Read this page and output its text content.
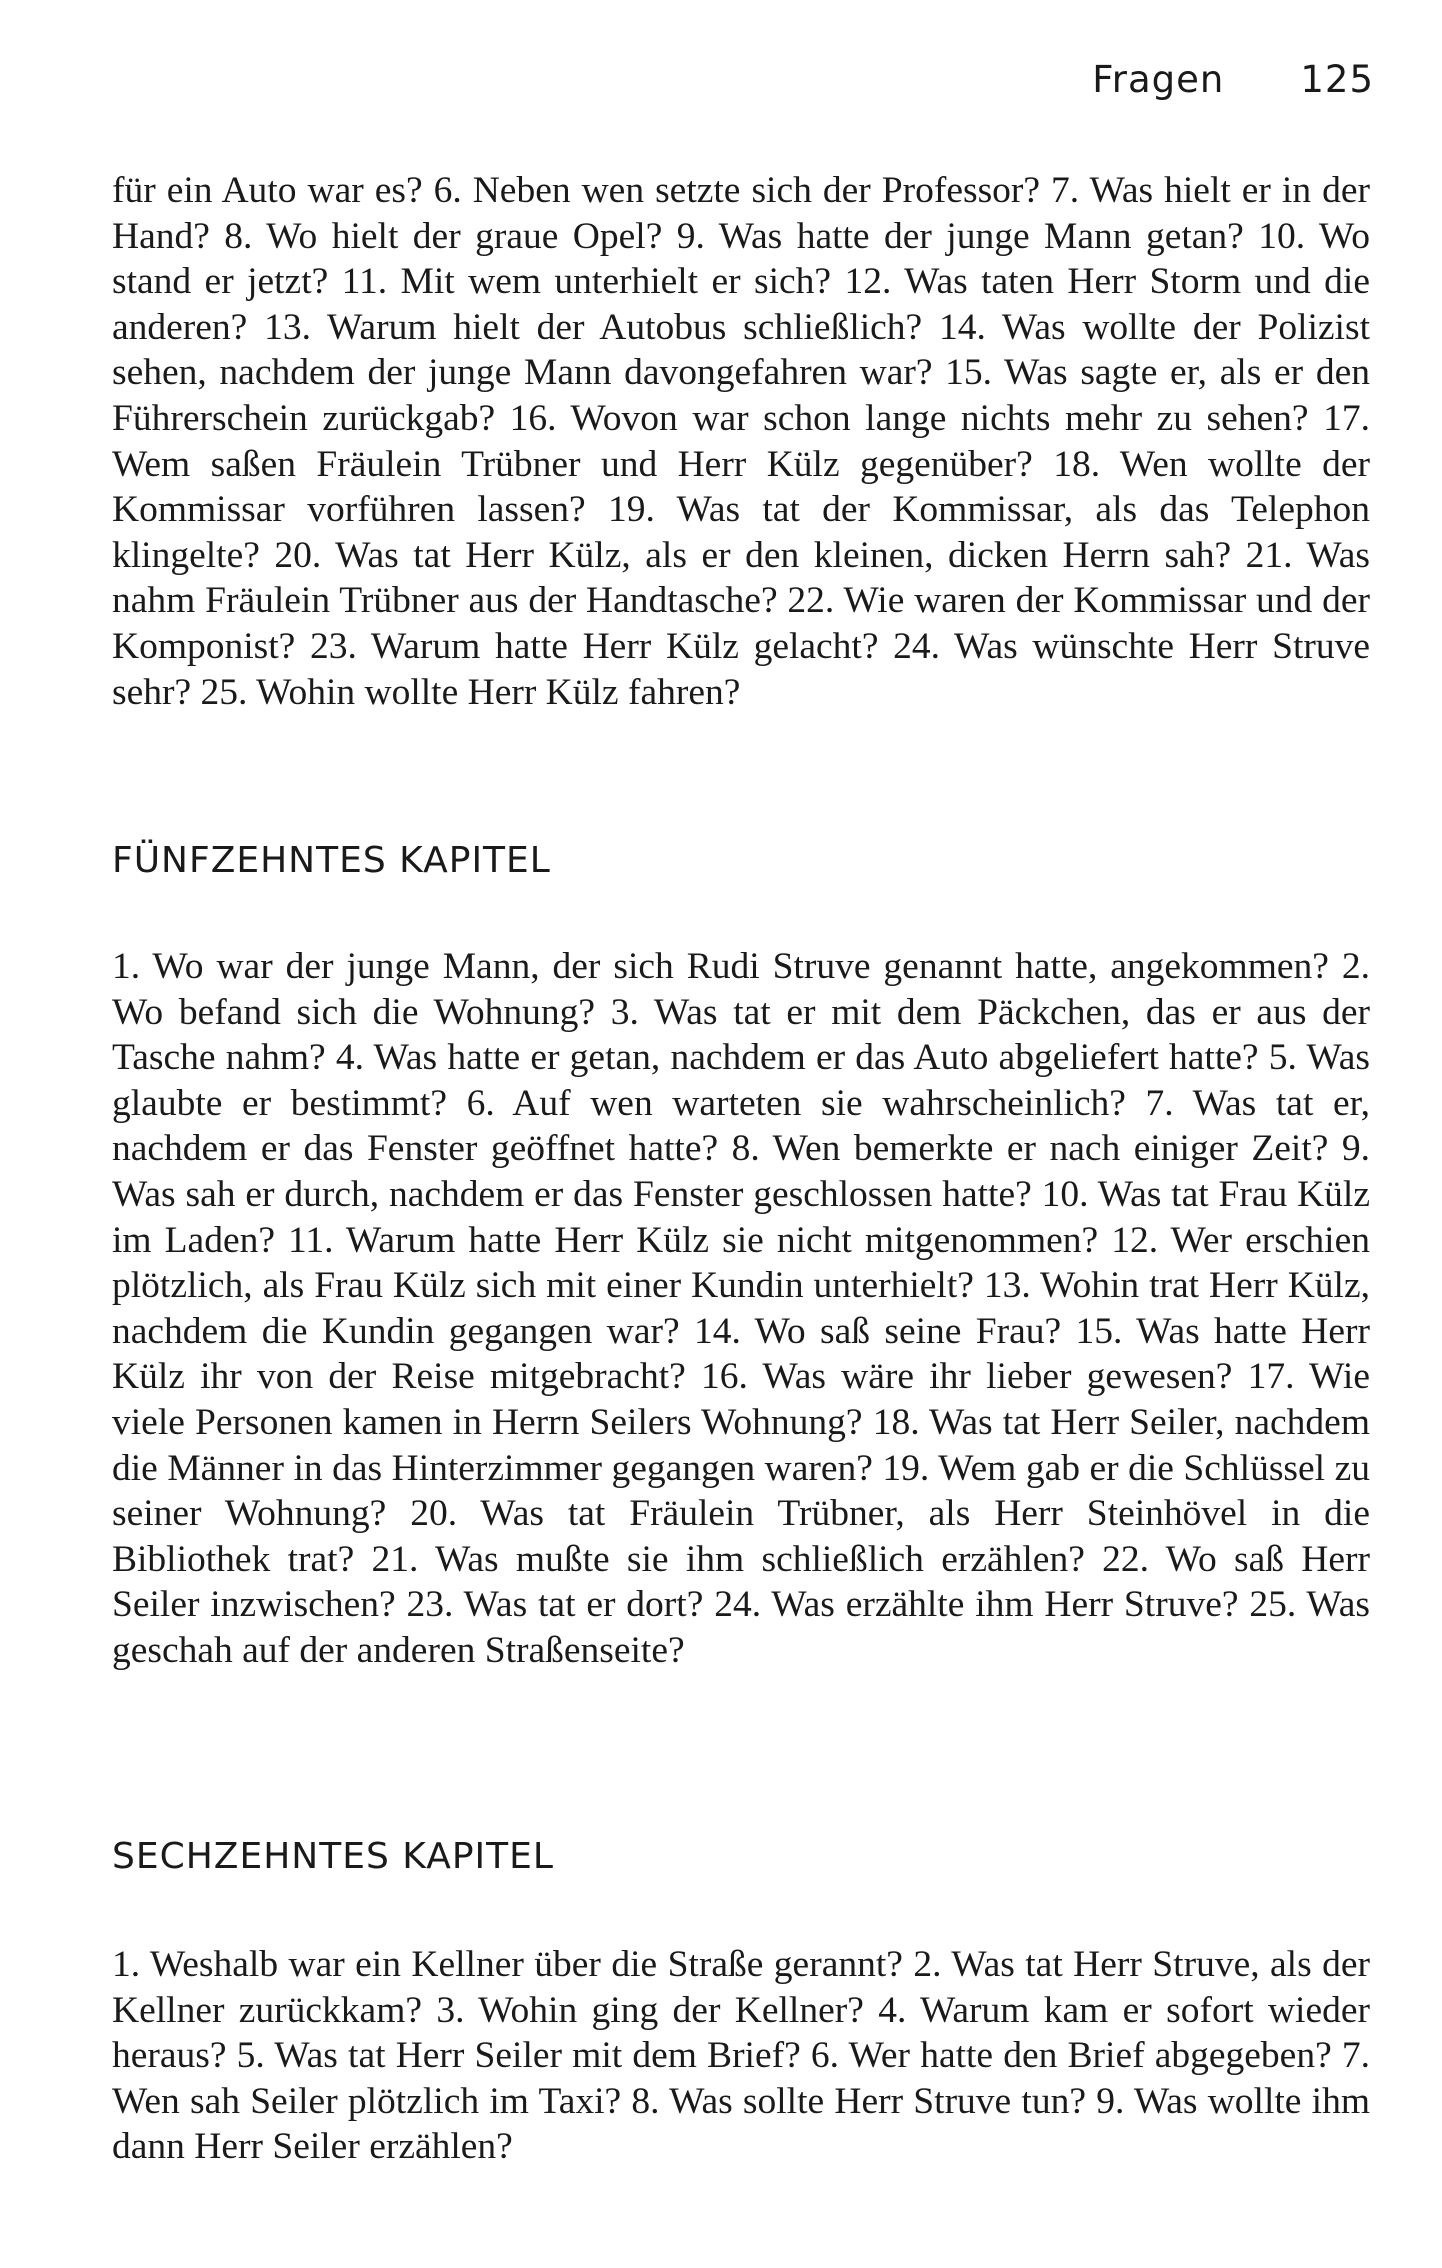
Fragen 125

für ein Auto war es? 6. Neben wen setzte sich der Professor? 7. Was hielt er in der Hand? 8. Wo hielt der graue Opel? 9. Was hatte der junge Mann getan? 10. Wo stand er jetzt? 11. Mit wem unterhielt er sich? 12. Was taten Herr Storm und die anderen? 13. Warum hielt der Autobus schließlich? 14. Was wollte der Polizist sehen, nachdem der junge Mann davongefahren war? 15. Was sagte er, als er den Führerschein zurückgab? 16. Wovon war schon lange nichts mehr zu sehen? 17. Wem saßen Fräulein Trübner und Herr Külz gegenüber? 18. Wen wollte der Kommissar vorführen lassen? 19. Was tat der Kommissar, als das Telephon klingelte? 20. Was tat Herr Külz, als er den kleinen, dicken Herrn sah? 21. Was nahm Fräulein Trübner aus der Handtasche? 22. Wie waren der Kommissar und der Komponist? 23. Warum hatte Herr Külz gelacht? 24. Was wünschte Herr Struve sehr? 25. Wohin wollte Herr Külz fahren?

FÜNFZEHNTES KAPITEL

1. Wo war der junge Mann, der sich Rudi Struve genannt hatte, angekommen? 2. Wo befand sich die Wohnung? 3. Was tat er mit dem Päckchen, das er aus der Tasche nahm? 4. Was hatte er getan, nachdem er das Auto abgeliefert hatte? 5. Was glaubte er bestimmt? 6. Auf wen warteten sie wahrscheinlich? 7. Was tat er, nachdem er das Fenster geöffnet hatte? 8. Wen bemerkte er nach einiger Zeit? 9. Was sah er durch, nachdem er das Fenster geschlossen hatte? 10. Was tat Frau Külz im Laden? 11. Warum hatte Herr Külz sie nicht mitgenommen? 12. Wer erschien plötzlich, als Frau Külz sich mit einer Kundin unterhielt? 13. Wohin trat Herr Külz, nachdem die Kundin gegangen war? 14. Wo saß seine Frau? 15. Was hatte Herr Külz ihr von der Reise mitgebracht? 16. Was wäre ihr lieber gewesen? 17. Wie viele Personen kamen in Herrn Seilers Wohnung? 18. Was tat Herr Seiler, nachdem die Männer in das Hinterzimmer gegangen waren? 19. Wem gab er die Schlüssel zu seiner Wohnung? 20. Was tat Fräulein Trübner, als Herr Steinhövel in die Bibliothek trat? 21. Was mußte sie ihm schließlich erzählen? 22. Wo saß Herr Seiler inzwischen? 23. Was tat er dort? 24. Was erzählte ihm Herr Struve? 25. Was geschah auf der anderen Straßenseite?

SECHZEHNTES KAPITEL

1. Weshalb war ein Kellner über die Straße gerannt? 2. Was tat Herr Struve, als der Kellner zurückkam? 3. Wohin ging der Kellner? 4. Warum kam er sofort wieder heraus? 5. Was tat Herr Seiler mit dem Brief? 6. Wer hatte den Brief abgegeben? 7. Wen sah Seiler plötzlich im Taxi? 8. Was sollte Herr Struve tun? 9. Was wollte ihm dann Herr Seiler erzählen?
